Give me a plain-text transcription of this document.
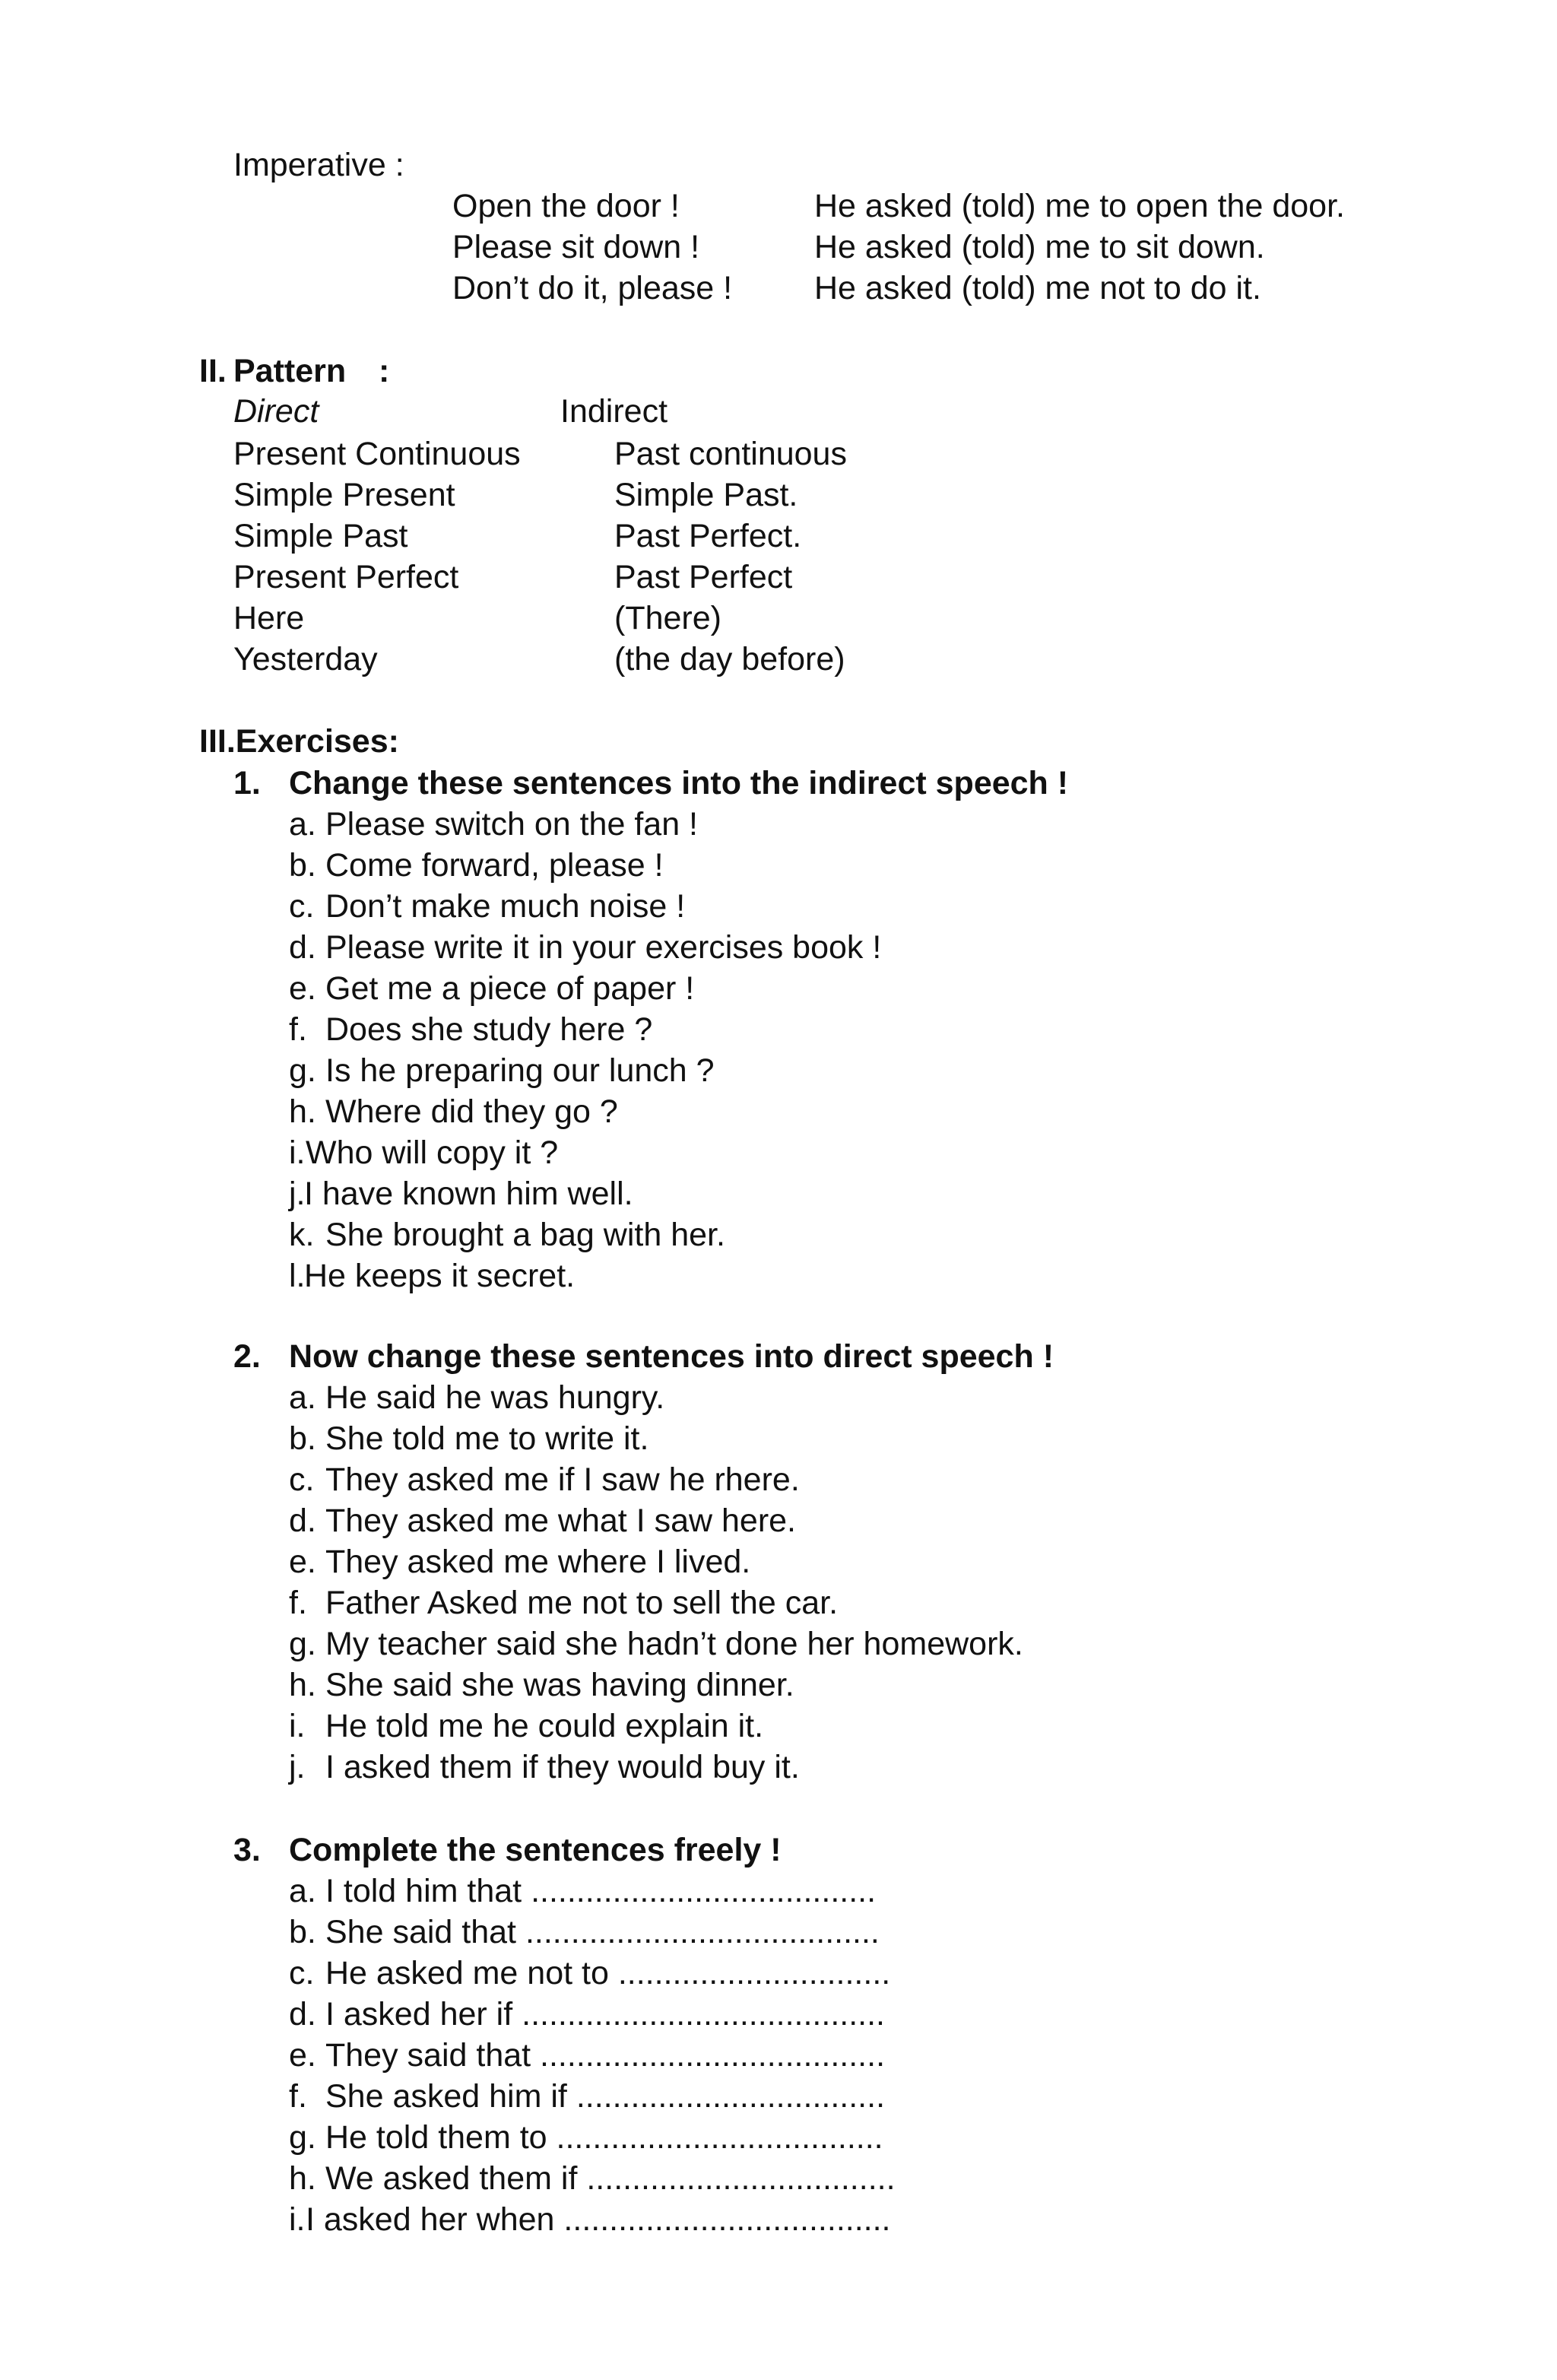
Imperative :
Open the door !	He asked (told) me to open the door.
Please sit down !	He asked (told) me to sit down.
Don’t do it, please !	He asked (told) me not to do it.
II. Pattern :
Direct	Indirect
Present Continuous	Past continuous
Simple Present	Simple Past.
Simple Past	Past Perfect.
Present Perfect	Past Perfect
Here	(There)
Yesterday	(the day before)
III.Exercises:
1. Change these sentences into the indirect speech !
a. Please switch on the fan !
b. Come forward, please !
c. Don’t make much noise !
d. Please write it in your exercises book !
e. Get me a piece of paper !
f. Does she study here ?
g. Is he preparing our lunch ?
h. Where did they go ?
i. Who will copy it ?
j.
I have known him well.
k. She brought a bag with her.
l.
He keeps it secret.
2. Now change these sentences into direct speech !
a. He said he was hungry.
b. She told me to write it.
c. They asked me if I saw he rhere.
d. They asked me what I saw here.
e. They asked me where I lived.
f. Father Asked me not to sell the car.
g. My teacher said she hadn’t done her homework.
h. She said she was having dinner.
i. He told me he could explain it.
j. I asked them if they would buy it.
3. Complete the sentences freely !
a. I told him that ......................................
b. She said that .......................................
c. He asked me not to ..............................
d. I asked her if ........................................
e. They said that ......................................
f. She asked him if ..................................
g. He told them to ....................................
h. We asked them if ..................................
i. I asked her when ....................................
